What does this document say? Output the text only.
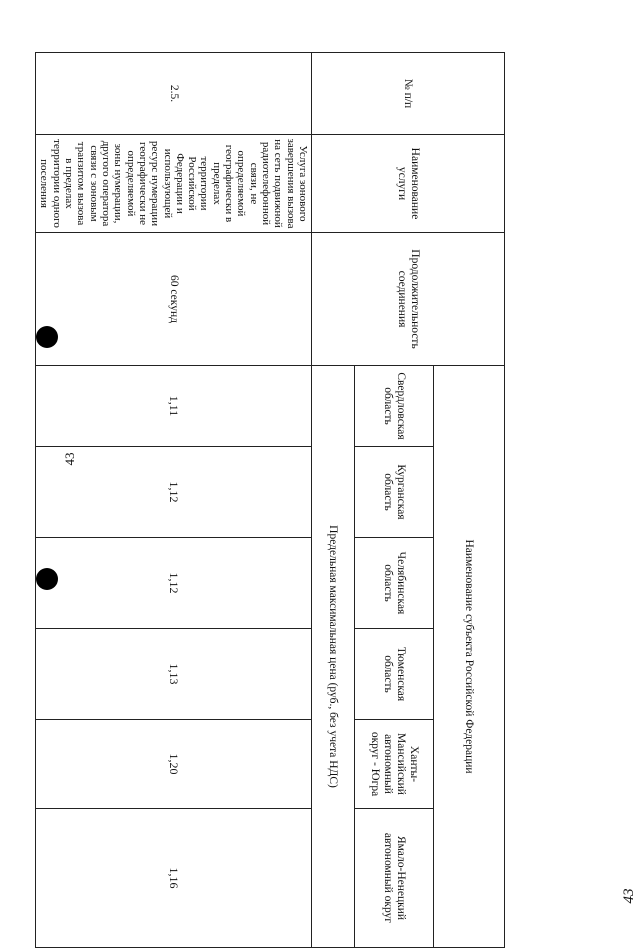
43
№ п/п	Наименование услуги	Продолжительность соединения	Наименование субъекта Российской Федерации					
			Свердловская область	Курганская область	Челябинская область	Тюменская область	Ханты-Мансийский автономный округ - Югра	Ямало-Ненецкий автономный округ
			Предельная максимальная цена (руб., без учета НДС)					
2.5.	Услуга зонового завершения вызова на сеть подвижной радиотелефонной связи, не определяемой географически в пределах территории Российской Федерации и использующей ресурс нумерации географически не определяемой зоны нумерации, другого оператора связи с зоновым транзитом вызова в пределах территории одного поселения	60 секунд	1,11	1,12	1,12	1,13	1,20	1,16
43
